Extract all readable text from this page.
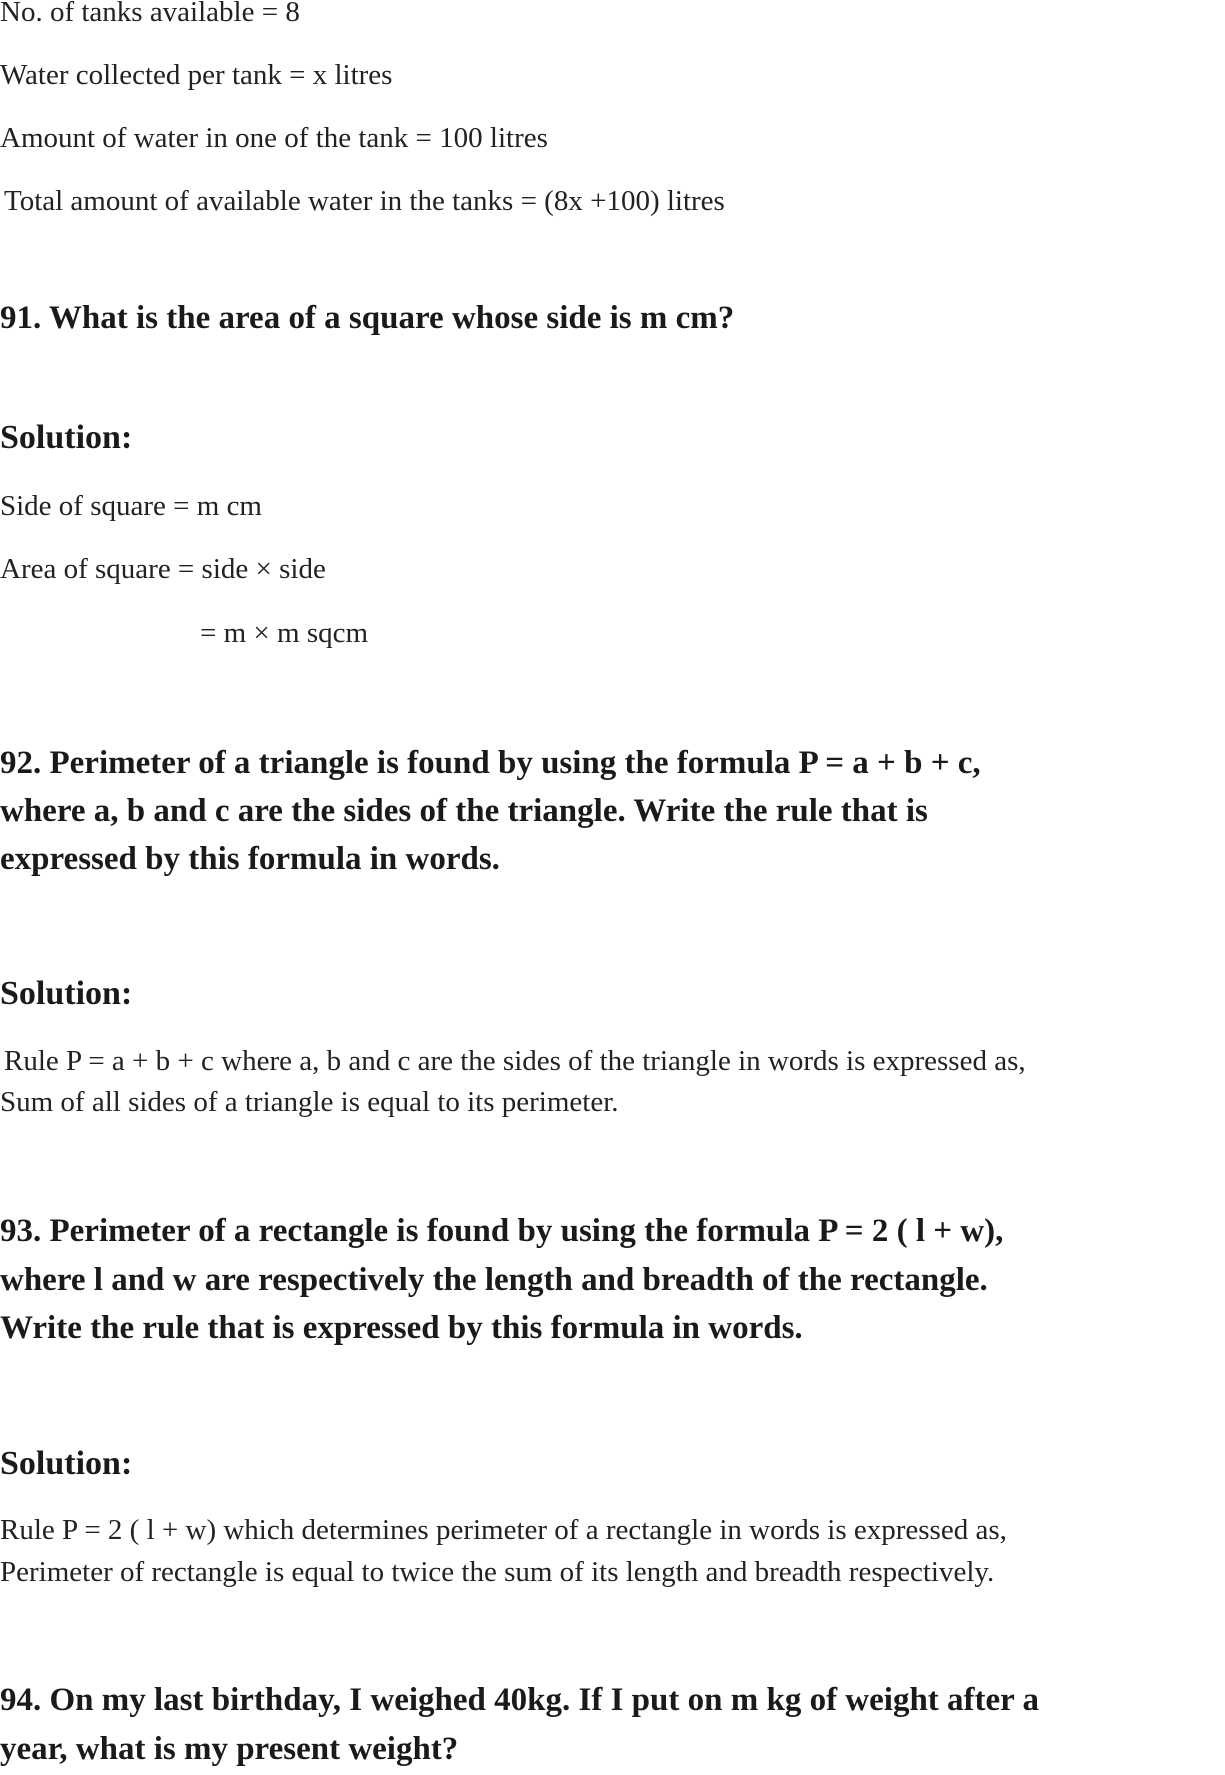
No. of tanks available = 8
Water collected per tank = x litres
Amount of water in one of the tank = 100 litres
Total amount of available water in the tanks = (8x +100) litres
91. What is the area of a square whose side is m cm?
Solution:
Side of square = m cm
Area of square = side × side
= m × m sqcm
92. Perimeter of a triangle is found by using the formula P = a + b + c,
where a, b and c are the sides of the triangle. Write the rule that is
expressed by this formula in words.
Solution:
Rule P = a + b + c where a, b and c are the sides of the triangle in words is expressed as,
Sum of all sides of a triangle is equal to its perimeter.
93. Perimeter of a rectangle is found by using the formula P = 2 ( l + w),
where l and w are respectively the length and breadth of the rectangle.
Write the rule that is expressed by this formula in words.
Solution:
Rule P = 2 ( l + w) which determines perimeter of a rectangle in words is expressed as,
Perimeter of rectangle is equal to twice the sum of its length and breadth respectively.
94. On my last birthday, I weighed 40kg. If I put on m kg of weight after a
year, what is my present weight?
